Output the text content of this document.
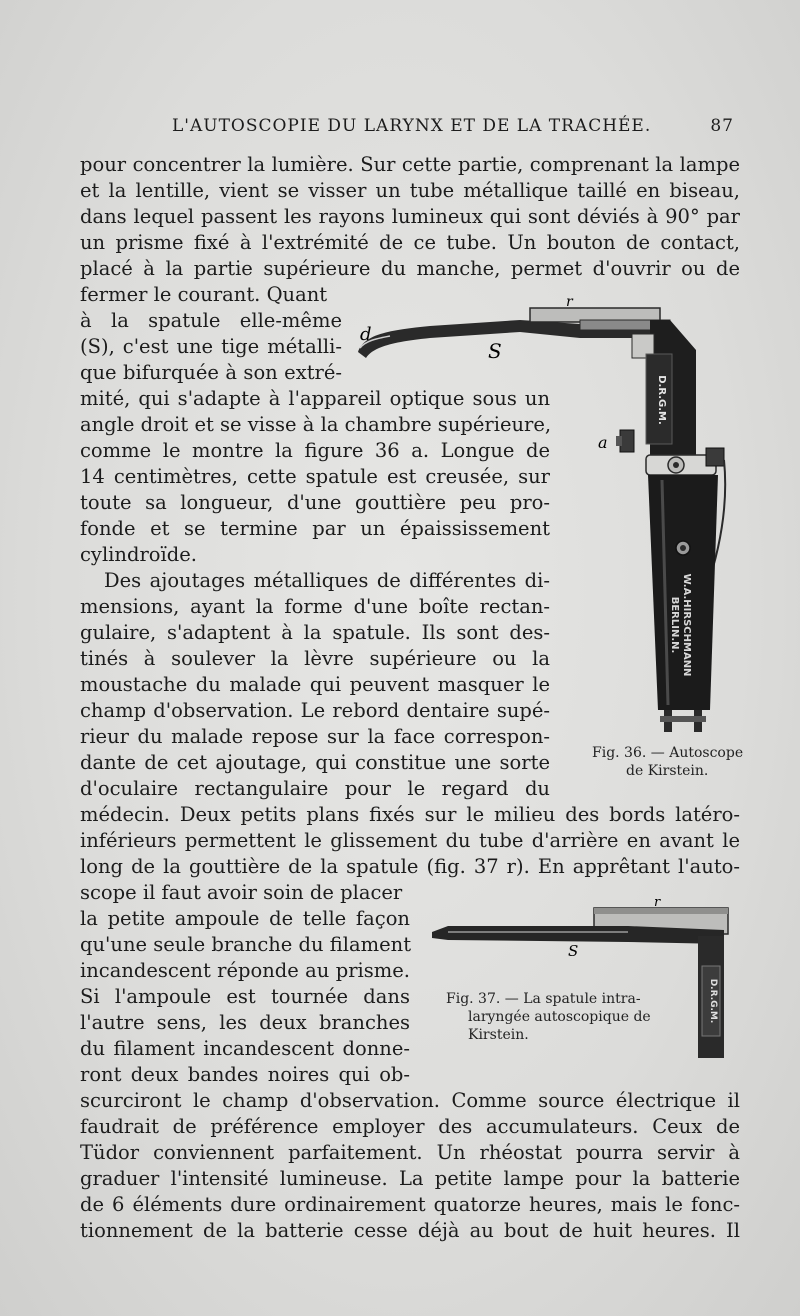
L'AUTOSCOPIE DU LARYNX ET DE LA TRACHÉE.	87
pour concentrer la lumière. Sur cette partie, comprenant la lampe
et la lentille, vient se visser un tube métallique taillé en biseau,
dans lequel passent les rayons lumineux qui sont déviés à 90° par
un prisme fixé à l'extrémité de ce tube. Un bouton de contact,
placé à la partie supérieure du manche, permet d'ouvrir ou de
fermer le courant. Quant
à la spatule elle-même
(S), c'est une tige métalli-
que bifurquée à son extré-
mité, qui s'adapte à l'appareil optique sous un
angle droit et se visse à la chambre supérieure,
comme le montre la figure 36 a. Longue de
14 centimètres, cette spatule est creusée, sur
toute sa longueur, d'une gouttière peu pro-
fonde et se termine par un épaississement
cylindroïde.
Des ajoutages métalliques de différentes di-
mensions, ayant la forme d'une boîte rectan-
gulaire, s'adaptent à la spatule. Ils sont des-
tinés à soulever la lèvre supérieure ou la
moustache du malade qui peuvent masquer le
champ d'observation. Le rebord dentaire supé-
rieur du malade repose sur la face correspon-
dante de cet ajoutage, qui constitue une sorte
d'oculaire rectangulaire pour le regard du
médecin. Deux petits plans fixés sur le milieu des bords latéro-
inférieurs permettent le glissement du tube d'arrière en avant le
long de la gouttière de la spatule (fig. 37 r). En apprêtant l'auto-
scope il faut avoir soin de placer
la petite ampoule de telle façon
qu'une seule branche du filament
incandescent réponde au prisme.
Si l'ampoule est tournée dans
l'autre sens, les deux branches
du filament incandescent donne-
ront deux bandes noires qui ob-
scurciront le champ d'observation. Comme source électrique il
faudrait de préférence employer des accumulateurs. Ceux de
Tüdor conviennent parfaitement. Un rhéostat pourra servir à
graduer l'intensité lumineuse. La petite lampe pour la batterie
de 6 éléments dure ordinairement quatorze heures, mais le fonc-
tionnement de la batterie cesse déjà au bout de huit heures. Il
D.R.G.M.
W.A.HIRSCHMANN
BERLIN.N.
r
d
S
a
Fig. 36. — Autoscope
de Kirstein.
D.R.G.M.
r
S
Fig. 37. — La spatule intra-
laryngée autoscopique de
Kirstein.
